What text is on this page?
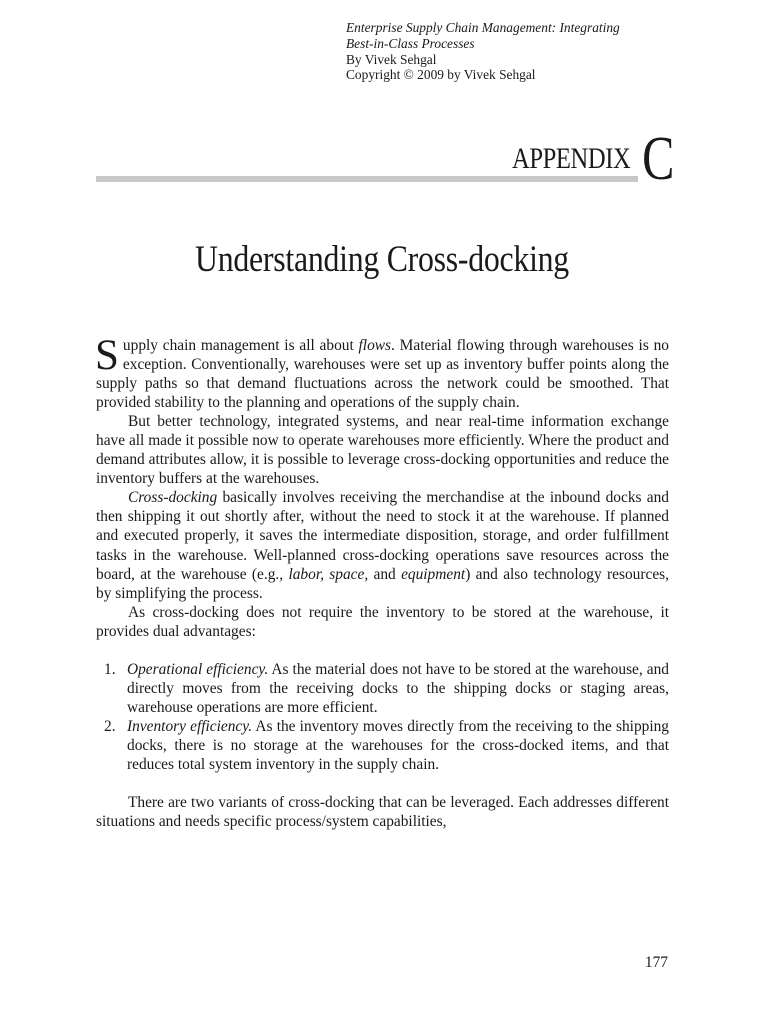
Enterprise Supply Chain Management: Integrating
Best-in-Class Processes
By Vivek Sehgal
Copyright © 2009 by Vivek Sehgal
APPENDIX C
Understanding Cross-docking

Supply chain management is all about flows. Material flowing through warehouses is no exception. Conventionally, warehouses were set up as inventory buffer points along the supply paths so that demand fluctuations across the network could be smoothed. That provided stability to the planning and operations of the supply chain.

But better technology, integrated systems, and near real-time information exchange have all made it possible now to operate warehouses more efficiently. Where the product and demand attributes allow, it is possible to leverage cross-docking opportunities and reduce the inventory buffers at the warehouses.

Cross-docking basically involves receiving the merchandise at the inbound docks and then shipping it out shortly after, without the need to stock it at the warehouse. If planned and executed properly, it saves the intermediate disposition, storage, and order fulfillment tasks in the warehouse. Well-planned cross-docking operations save resources across the board, at the warehouse (e.g., labor, space, and equipment) and also technology resources, by simplifying the process.

As cross-docking does not require the inventory to be stored at the warehouse, it provides dual advantages:

1. Operational efficiency. As the material does not have to be stored at the warehouse, and directly moves from the receiving docks to the shipping docks or staging areas, warehouse operations are more efficient.
2. Inventory efficiency. As the inventory moves directly from the receiving to the shipping docks, there is no storage at the warehouses for the cross-docked items, and that reduces total system inventory in the supply chain.

There are two variants of cross-docking that can be leveraged. Each addresses different situations and needs specific process/system capabilities,

177
